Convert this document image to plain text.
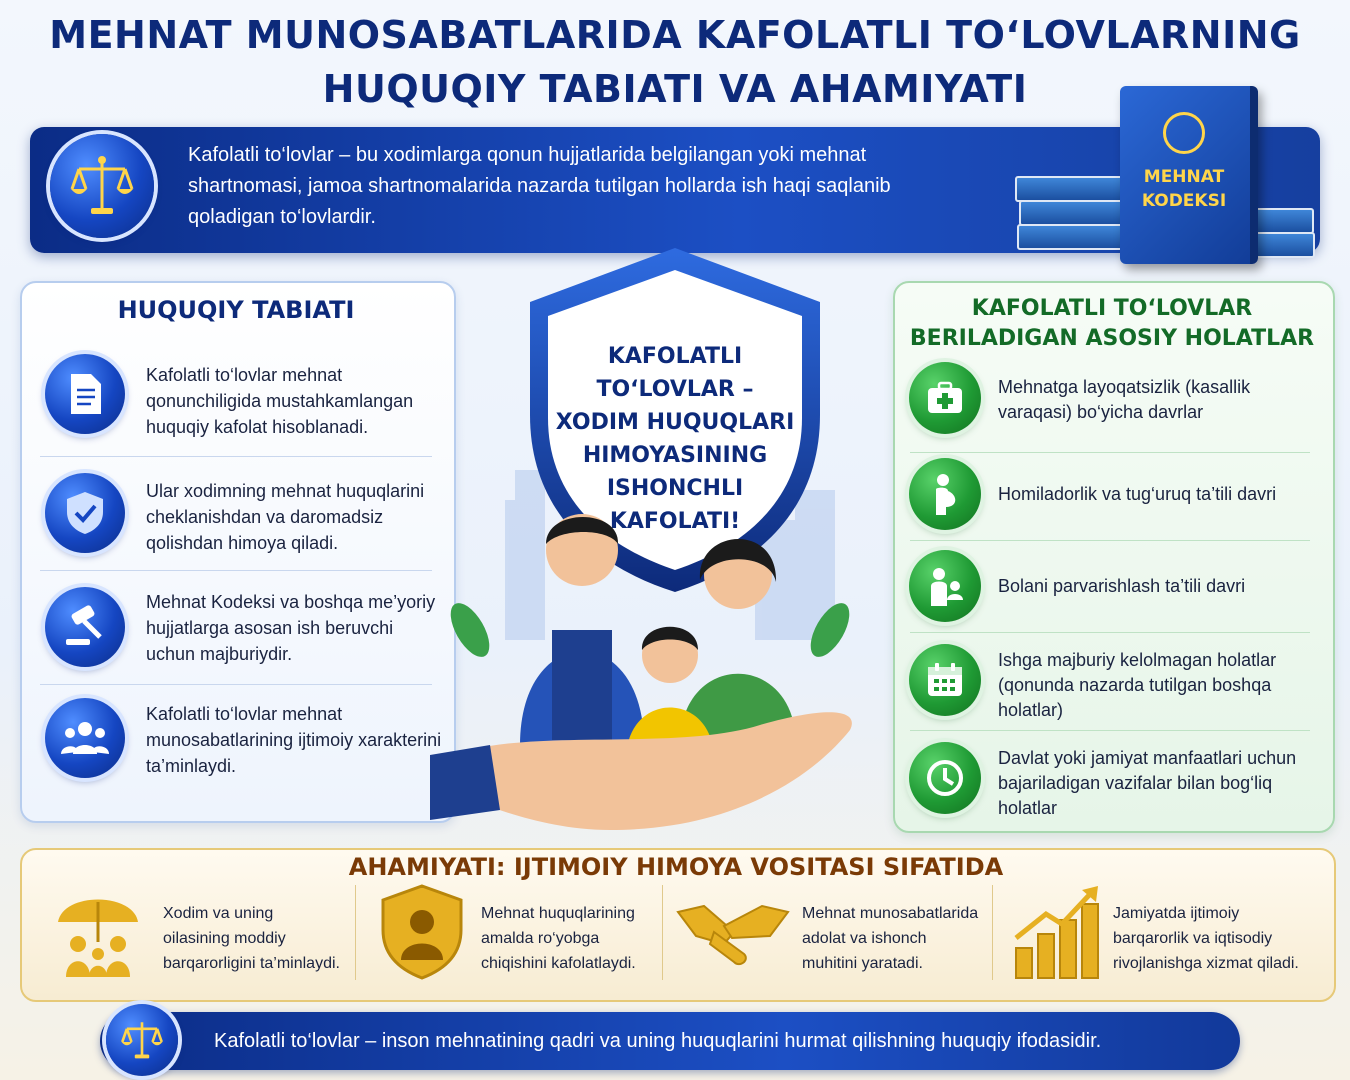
MEHNAT MUNOSABATLARIDA KAFOLATLI TO‘LOVLARNING
HUQUQIY TABIATI VA AHAMIYATI
Kafolatli to‘lovlar – bu xodimlarga qonun hujjatlarida belgilangan yoki mehnat shartnomasi, jamoa shartnomalarida nazarda tutilgan hollarda ish haqi saqlanib qoladigan to‘lovlardir.
MEHNAT
KODEKSI
HUQUQIY TABIATI
Kafolatli to‘lovlar mehnat qonunchiligida mustahkamlangan huquqiy kafolat hisoblanadi.
Ular xodimning mehnat huquqlarini cheklanishdan va daromadsiz qolishdan himoya qiladi.
Mehnat Kodeksi va boshqa me’yoriy hujjatlarga asosan ish beruvchi uchun majburiydir.
Kafolatli to‘lovlar mehnat munosabatlarining ijtimoiy xarakterini ta’minlaydi.
KAFOLATLI TO‘LOVLAR – XODIM HUQUQLARI HIMOYASINING ISHONCHLI KAFOLATI!
KAFOLATLI TO‘LOVLAR BERILADIGAN ASOSIY HOLATLAR
Mehnatga layoqatsizlik (kasallik varaqasi) bo‘yicha davrlar
Homiladorlik va tug‘uruq ta’tili davri
Bolani parvarishlash ta’tili davri
Ishga majburiy kelolmagan holatlar (qonunda nazarda tutilgan boshqa holatlar)
Davlat yoki jamiyat manfaatlari uchun bajariladigan vazifalar bilan bog‘liq holatlar
AHAMIYATI: IJTIMOIY HIMOYA VOSITASI SIFATIDA
Xodim va uning oilasining moddiy barqarorligini ta’minlaydi.
Mehnat huquqlarining amalda ro‘yobga chiqishini kafolatlaydi.
Mehnat munosabatlarida adolat va ishonch muhitini yaratadi.
Jamiyatda ijtimoiy barqarorlik va iqtisodiy rivojlanishga xizmat qiladi.
Kafolatli to‘lovlar – inson mehnatining qadri va uning huquqlarini hurmat qilishning huquqiy ifodasidir.
